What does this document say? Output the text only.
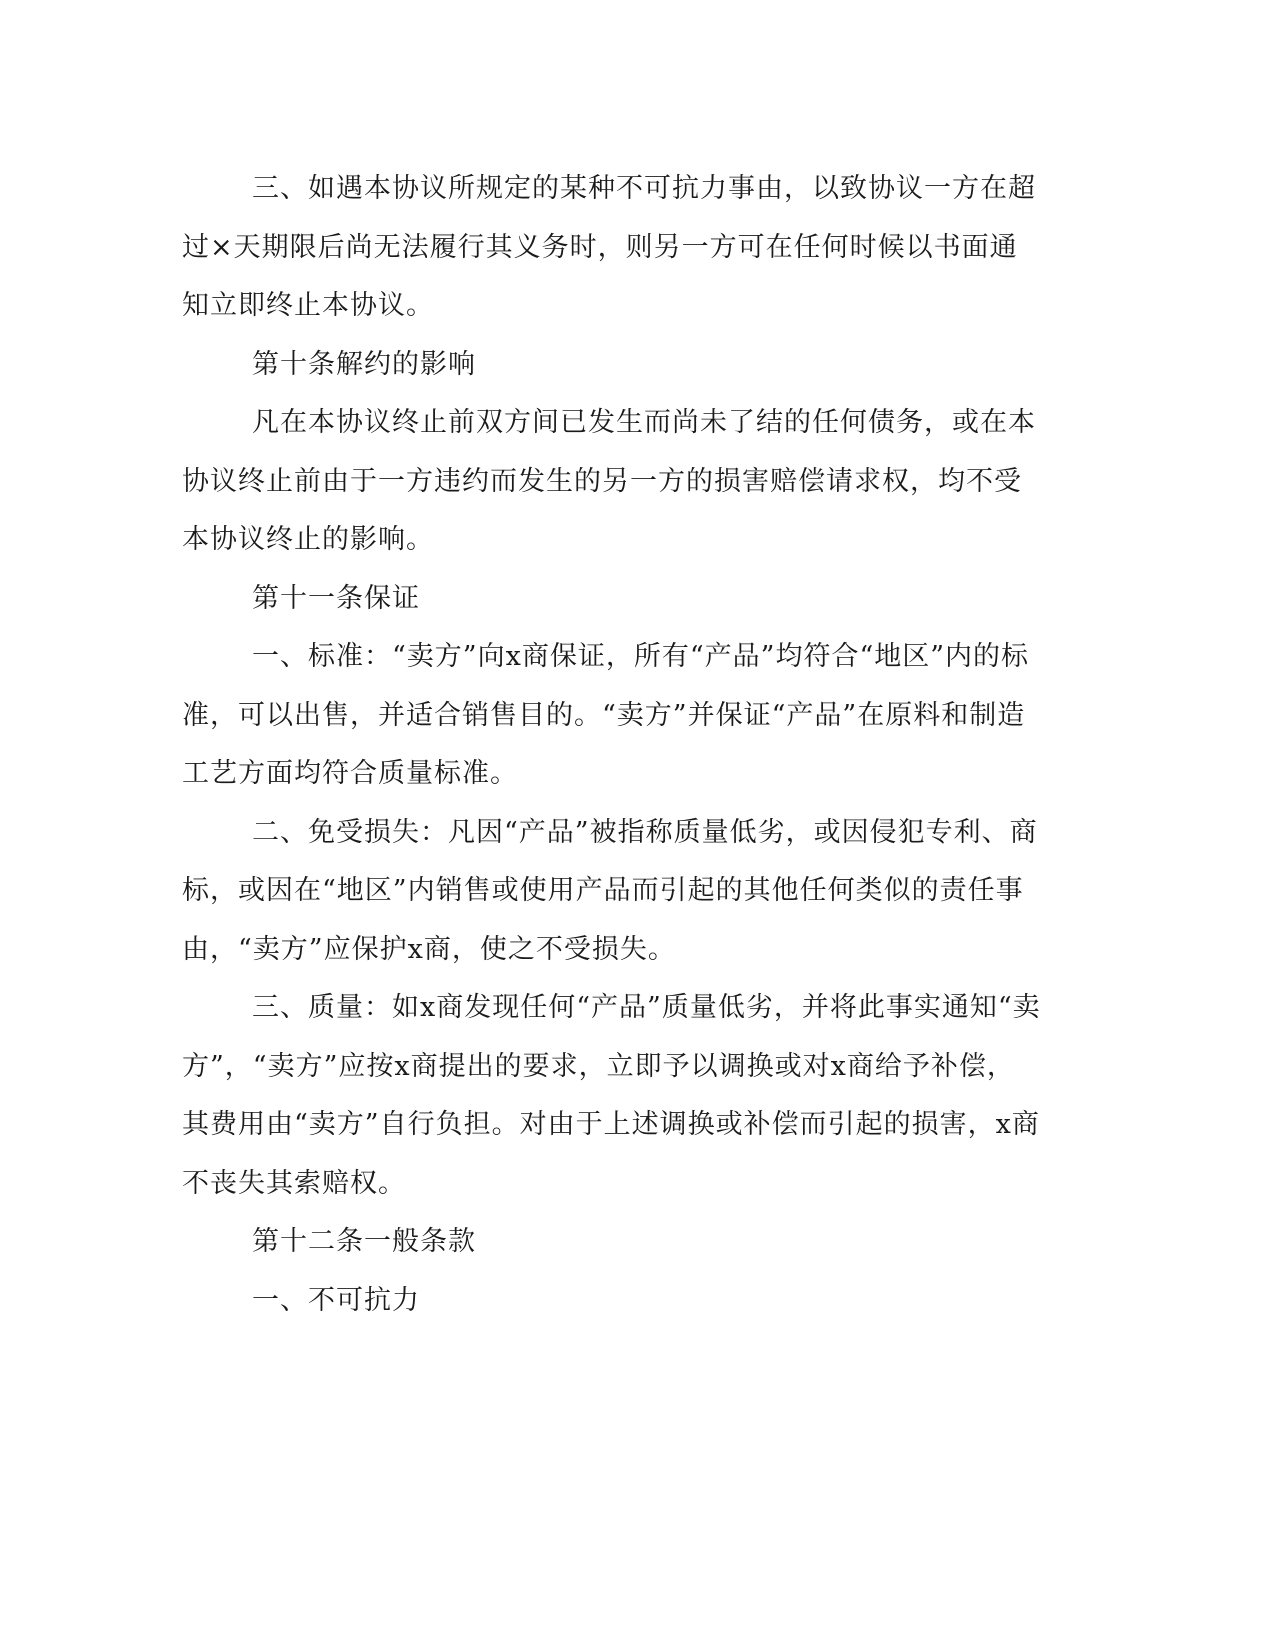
三、如遇本协议所规定的某种不可抗力事由，以致协议一方在超过×天期限后尚无法履行其义务时，则另一方可在任何时候以书面通知立即终止本协议。

第十条解约的影响

凡在本协议终止前双方间已发生而尚未了结的任何债务，或在本协议终止前由于一方违约而发生的另一方的损害赔偿请求权，均不受本协议终止的影响。

第十一条保证

一、标准：“卖方”向x商保证，所有“产品”均符合“地区”内的标准，可以出售，并适合销售目的。“卖方”并保证“产品”在原料和制造工艺方面均符合质量标准。

二、免受损失：凡因“产品”被指称质量低劣，或因侵犯专利、商标，或因在“地区”内销售或使用产品而引起的其他任何类似的责任事由，“卖方”应保护x商，使之不受损失。

三、质量：如x商发现任何“产品”质量低劣，并将此事实通知“卖方”，“卖方”应按x商提出的要求，立即予以调换或对x商给予补偿，其费用由“卖方”自行负担。对由于上述调换或补偿而引起的损害，x商不丧失其索赔权。

第十二条一般条款

一、不可抗力
